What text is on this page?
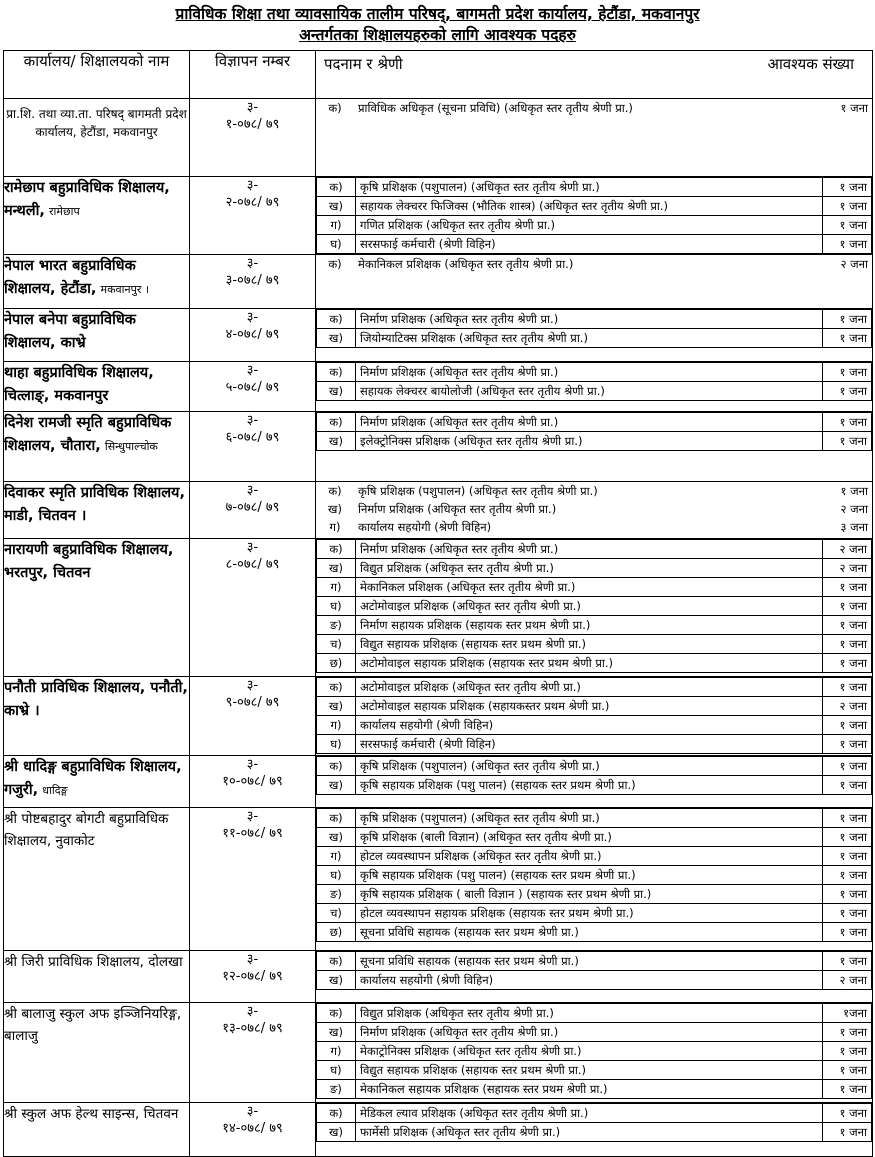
प्राविधिक शिक्षा तथा व्यावसायिक तालीम परिषद्, बागमती प्रदेश कार्यालय, हेटौंडा, मकवानपुर
अन्तर्गतका शिक्षालयहरुको लागि आवश्यक पदहरु
कार्यालय/ शिक्षालयको नाम	विज्ञापन नम्बर	पदनाम र श्रेणी	आवश्यक संख्या

प्रा.शि. तथा व्या.ता. परिषद् बागमती प्रदेश कार्यालय, हेटौंडा, मकवानपुर	३-
१-०७८/ ७९	
क)	प्राविधिक अधिकृत (सूचना प्रविधि) (अधिकृत स्तर तृतीय श्रेणी प्रा.)	१ जना

रामेछाप बहुप्राविधिक शिक्षालय, मन्थली, रामेछाप	३-
२-०७८/ ७९	
क)	कृषि प्रशिक्षक (पशुपालन) (अधिकृत स्तर तृतीय श्रेणी प्रा.)	१ जना
ख)	सहायक लेक्चरर फिजिक्स (भौतिक शास्त्र) (अधिकृत स्तर तृतीय श्रेणी प्रा.)	१ जना
ग)	गणित प्रशिक्षक (अधिकृत स्तर तृतीय श्रेणी प्रा.)	१ जना
घ)	सरसफाई कर्मचारी (श्रेणी विहिन)	१ जना

नेपाल भारत बहुप्राविधिक शिक्षालय, हेटौंडा, मकवानपुर ।	३-
३-०७८/ ७९	
क)	मेकानिकल प्रशिक्षक (अधिकृत स्तर तृतीय श्रेणी प्रा.)	२ जना

नेपाल बनेपा बहुप्राविधिक शिक्षालय, काभ्रे	३-
४-०७८/ ७९	
क)	निर्माण प्रशिक्षक (अधिकृत स्तर तृतीय श्रेणी प्रा.)	१ जना
ख)	जियोम्याटिक्स प्रशिक्षक (अधिकृत स्तर तृतीय श्रेणी प्रा.)	१ जना

थाहा बहुप्राविधिक शिक्षालय, चित्लाङ्, मकवानपुर	३-
५-०७८/ ७९	
क)	निर्माण प्रशिक्षक (अधिकृत स्तर तृतीय श्रेणी प्रा.)	१ जना
ख)	सहायक लेक्चरर बायोलोजी (अधिकृत स्तर तृतीय श्रेणी प्रा.)	१ जना

दिनेश रामजी स्मृति बहुप्राविधिक शिक्षालय, चौतारा, सिन्धुपाल्चोक	३-
६-०७८/ ७९	
क)	निर्माण प्रशिक्षक (अधिकृत स्तर तृतीय श्रेणी प्रा.)	१ जना
ख)	इलेक्ट्रोनिक्स प्रशिक्षक (अधिकृत स्तर तृतीय श्रेणी प्रा.)	१ जना

दिवाकर स्मृति प्राविधिक शिक्षालय, माडी, चितवन ।	३-
७-०७८/ ७९	
क)	कृषि प्रशिक्षक (पशुपालन) (अधिकृत स्तर तृतीय श्रेणी प्रा.)	१ जना
ख)	निर्माण प्रशिक्षक (अधिकृत स्तर तृतीय श्रेणी प्रा.)	२ जना
ग)	कार्यालय सहयोगी (श्रेणी विहिन)	३ जना

नारायणी बहुप्राविधिक शिक्षालय, भरतपुर, चितवन	३-
८-०७८/ ७९	
क)	निर्माण प्रशिक्षक (अधिकृत स्तर तृतीय श्रेणी प्रा.)	२ जना
ख)	विद्युत प्रशिक्षक (अधिकृत स्तर तृतीय श्रेणी प्रा.)	२ जना
ग)	मेकानिकल प्रशिक्षक (अधिकृत स्तर तृतीय श्रेणी प्रा.)	१ जना
घ)	अटोमोवाइल प्रशिक्षक (अधिकृत स्तर तृतीय श्रेणी प्रा.)	१ जना
ङ)	निर्माण सहायक प्रशिक्षक (सहायक स्तर प्रथम श्रेणी प्रा.)	१ जना
च)	विद्युत सहायक प्रशिक्षक (सहायक स्तर प्रथम श्रेणी प्रा.)	१ जना
छ)	अटोमोवाइल सहायक प्रशिक्षक (सहायक स्तर प्रथम श्रेणी प्रा.)	१ जना

पनौती प्राविधिक शिक्षालय, पनौती, काभ्रे ।	३-
९-०७८/ ७९	
क)	अटोमोवाइल प्रशिक्षक (अधिकृत स्तर तृतीय श्रेणी प्रा.)	१ जना
ख)	अटोमोवाइल सहायक प्रशिक्षक (सहायकस्तर प्रथम श्रेणी प्रा.)	२ जना
ग)	कार्यालय सहयोगी (श्रेणी विहिन)	१ जना
घ)	सरसफाई कर्मचारी (श्रेणी विहिन)	१ जना

श्री धादिङ्ग बहुप्राविधिक शिक्षालय, गजुरी, धादिङ्ग	३-
१०-०७८/ ७९	
क)	कृषि प्रशिक्षक (पशुपालन) (अधिकृत स्तर तृतीय श्रेणी प्रा.)	१ जना
ख)	कृषि सहायक प्रशिक्षक (पशु पालन) (सहायक स्तर प्रथम श्रेणी प्रा.)	१ जना

श्री पोष्टबहादुर बोगटी बहुप्राविधिक शिक्षालय, नुवाकोट	३-
११-०७८/ ७९	
क)	कृषि प्रशिक्षक (पशुपालन) (अधिकृत स्तर तृतीय श्रेणी प्रा.)	१ जना
ख)	कृषि प्रशिक्षक (बाली विज्ञान) (अधिकृत स्तर तृतीय श्रेणी प्रा.)	१ जना
ग)	होटल व्यवस्थापन प्रशिक्षक (अधिकृत स्तर तृतीय श्रेणी प्रा.)	१ जना
घ)	कृषि सहायक प्रशिक्षक (पशु पालन) (सहायक स्तर प्रथम श्रेणी प्रा.)	१ जना
ङ)	कृषि सहायक प्रशिक्षक ( बाली विज्ञान ) (सहायक स्तर प्रथम श्रेणी प्रा.)	१ जना
च)	होटल व्यवस्थापन सहायक प्रशिक्षक (सहायक स्तर प्रथम श्रेणी प्रा.)	१ जना
छ)	सूचना प्रविधि सहायक (सहायक स्तर प्रथम श्रेणी प्रा.)	१ जना

श्री जिरी प्राविधिक शिक्षालय, दोलखा	३-
१२-०७८/ ७९	
क)	सूचना प्रविधि सहायक (सहायक स्तर प्रथम श्रेणी प्रा.)	१ जना
ख)	कार्यालय सहयोगी (श्रेणी विहिन)	२ जना

श्री बालाजु स्कुल अफ इञ्जिनियरिङ्ग, बालाजु	३-
१३-०७८/ ७९	
क)	विद्युत प्रशिक्षक (अधिकृत स्तर तृतीय श्रेणी प्रा.)	१जना
ख)	निर्माण प्रशिक्षक (अधिकृत स्तर तृतीय श्रेणी प्रा.)	१ जना
ग)	मेकाट्रोनिक्स प्रशिक्षक (अधिकृत स्तर तृतीय श्रेणी प्रा.)	१ जना
घ)	विद्युत सहायक प्रशिक्षक (सहायक स्तर प्रथम श्रेणी प्रा.)	१ जना
ङ)	मेकानिकल सहायक प्रशिक्षक (सहायक स्तर प्रथम श्रेणी प्रा.)	१ जना

श्री स्कुल अफ हेल्थ साइन्स, चितवन	३-
१४-०७८/ ७९	
क)	मेडिकल ल्याव प्रशिक्षक (अधिकृत स्तर तृतीय श्रेणी प्रा.)	१ जना
ख)	फार्मेसी प्रशिक्षक (अधिकृत स्तर तृतीय श्रेणी प्रा.)	१ जना
